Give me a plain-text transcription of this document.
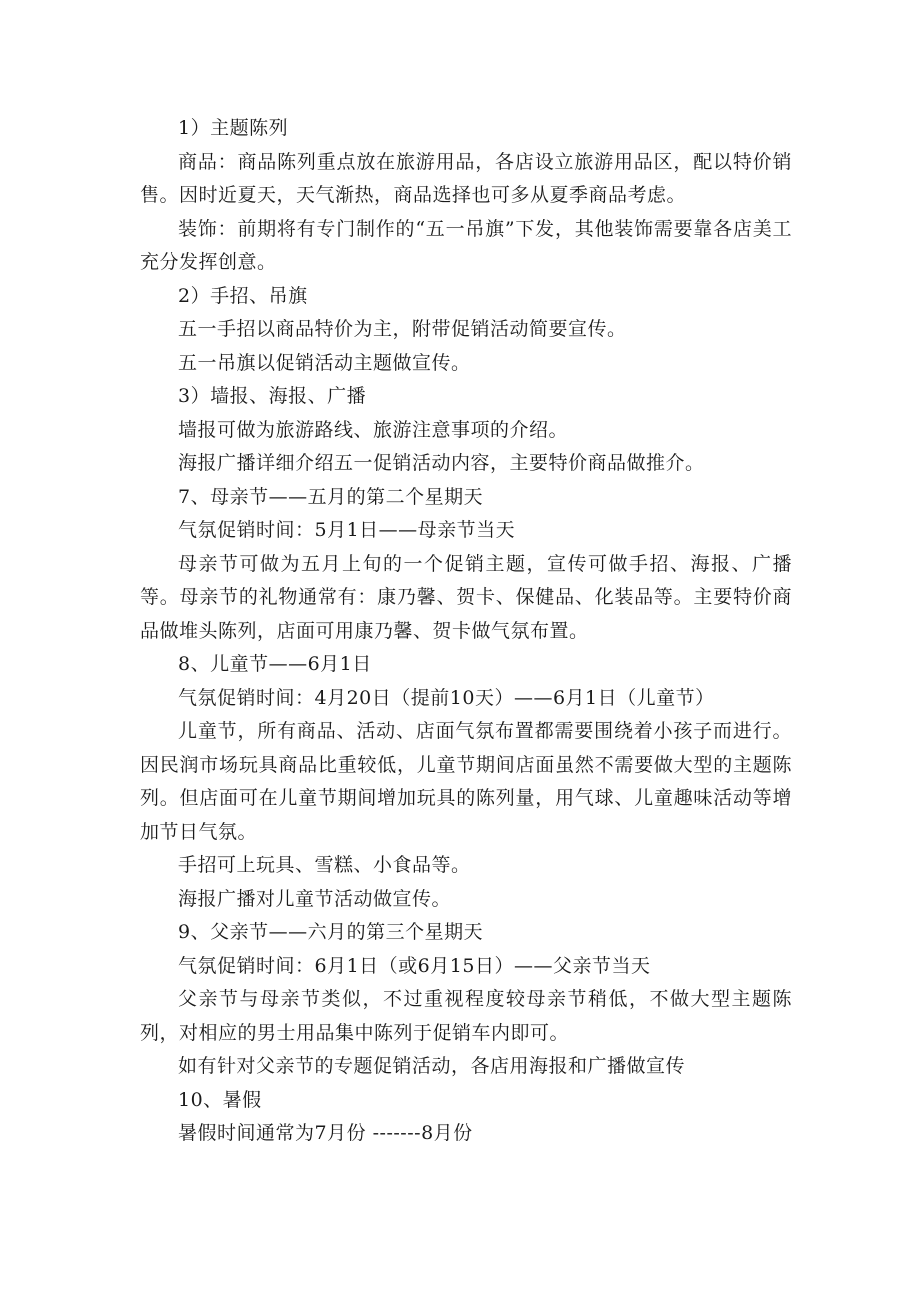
1）主题陈列

商品：商品陈列重点放在旅游用品，各店设立旅游用品区，配以特价销售。因时近夏天，天气渐热，商品选择也可多从夏季商品考虑。

装饰：前期将有专门制作的“五一吊旗”下发，其他装饰需要靠各店美工充分发挥创意。

2）手招、吊旗

五一手招以商品特价为主，附带促销活动简要宣传。

五一吊旗以促销活动主题做宣传。

3）墙报、海报、广播

墙报可做为旅游路线、旅游注意事项的介绍。

海报广播详细介绍五一促销活动内容，主要特价商品做推介。

7、母亲节——五月的第二个星期天

气氛促销时间：5月1日——母亲节当天

母亲节可做为五月上旬的一个促销主题，宣传可做手招、海报、广播等。母亲节的礼物通常有：康乃馨、贺卡、保健品、化装品等。主要特价商品做堆头陈列，店面可用康乃馨、贺卡做气氛布置。

8、儿童节——6月1日

气氛促销时间：4月20日（提前10天）——6月1日（儿童节）

儿童节，所有商品、活动、店面气氛布置都需要围绕着小孩子而进行。因民润市场玩具商品比重较低，儿童节期间店面虽然不需要做大型的主题陈列。但店面可在儿童节期间增加玩具的陈列量，用气球、儿童趣味活动等增加节日气氛。

手招可上玩具、雪糕、小食品等。

海报广播对儿童节活动做宣传。

9、父亲节——六月的第三个星期天

气氛促销时间：6月1日（或6月15日）——父亲节当天

父亲节与母亲节类似，不过重视程度较母亲节稍低，不做大型主题陈列，对相应的男士用品集中陈列于促销车内即可。

如有针对父亲节的专题促销活动，各店用海报和广播做宣传

10、暑假

暑假时间通常为7月份 -------8月份
